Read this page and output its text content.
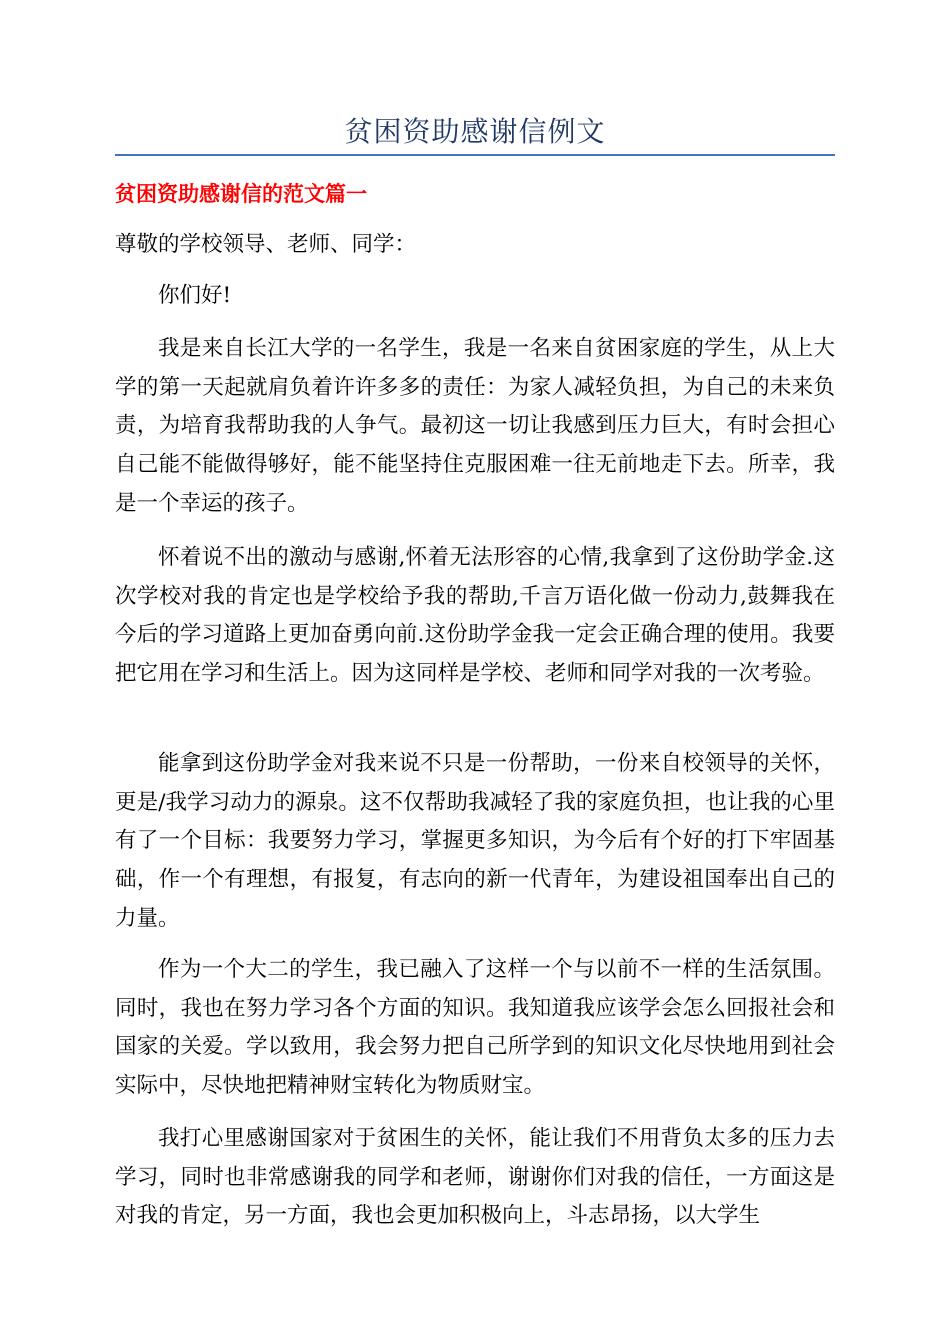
贫困资助感谢信例文
贫困资助感谢信的范文篇一

尊敬的学校领导、老师、同学：

你们好!

我是来自长江大学的一名学生，我是一名来自贫困家庭的学生，从上大学的第一天起就肩负着许许多多的责任：为家人减轻负担，为自己的未来负责，为培育我帮助我的人争气。最初这一切让我感到压力巨大，有时会担心自己能不能做得够好，能不能坚持住克服困难一往无前地走下去。所幸，我是一个幸运的孩子。

怀着说不出的激动与感谢,怀着无法形容的心情,我拿到了这份助学金.这次学校对我的肯定也是学校给予我的帮助,千言万语化做一份动力,鼓舞我在今后的学习道路上更加奋勇向前.这份助学金我一定会正确合理的使用。我要把它用在学习和生活上。因为这同样是学校、老师和同学对我的一次考验。

能拿到这份助学金对我来说不只是一份帮助，一份来自校领导的关怀，更是/我学习动力的源泉。这不仅帮助我减轻了我的家庭负担，也让我的心里有了一个目标：我要努力学习，掌握更多知识，为今后有个好的打下牢固基础，作一个有理想，有报复，有志向的新一代青年，为建设祖国奉出自己的力量。

作为一个大二的学生，我已融入了这样一个与以前不一样的生活氛围。同时，我也在努力学习各个方面的知识。我知道我应该学会怎么回报社会和国家的关爱。学以致用，我会努力把自己所学到的知识文化尽快地用到社会实际中，尽快地把精神财宝转化为物质财宝。

我打心里感谢国家对于贫困生的关怀，能让我们不用背负太多的压力去学习，同时也非常感谢我的同学和老师，谢谢你们对我的信任，一方面这是对我的肯定，另一方面，我也会更加积极向上，斗志昂扬，以大学生
